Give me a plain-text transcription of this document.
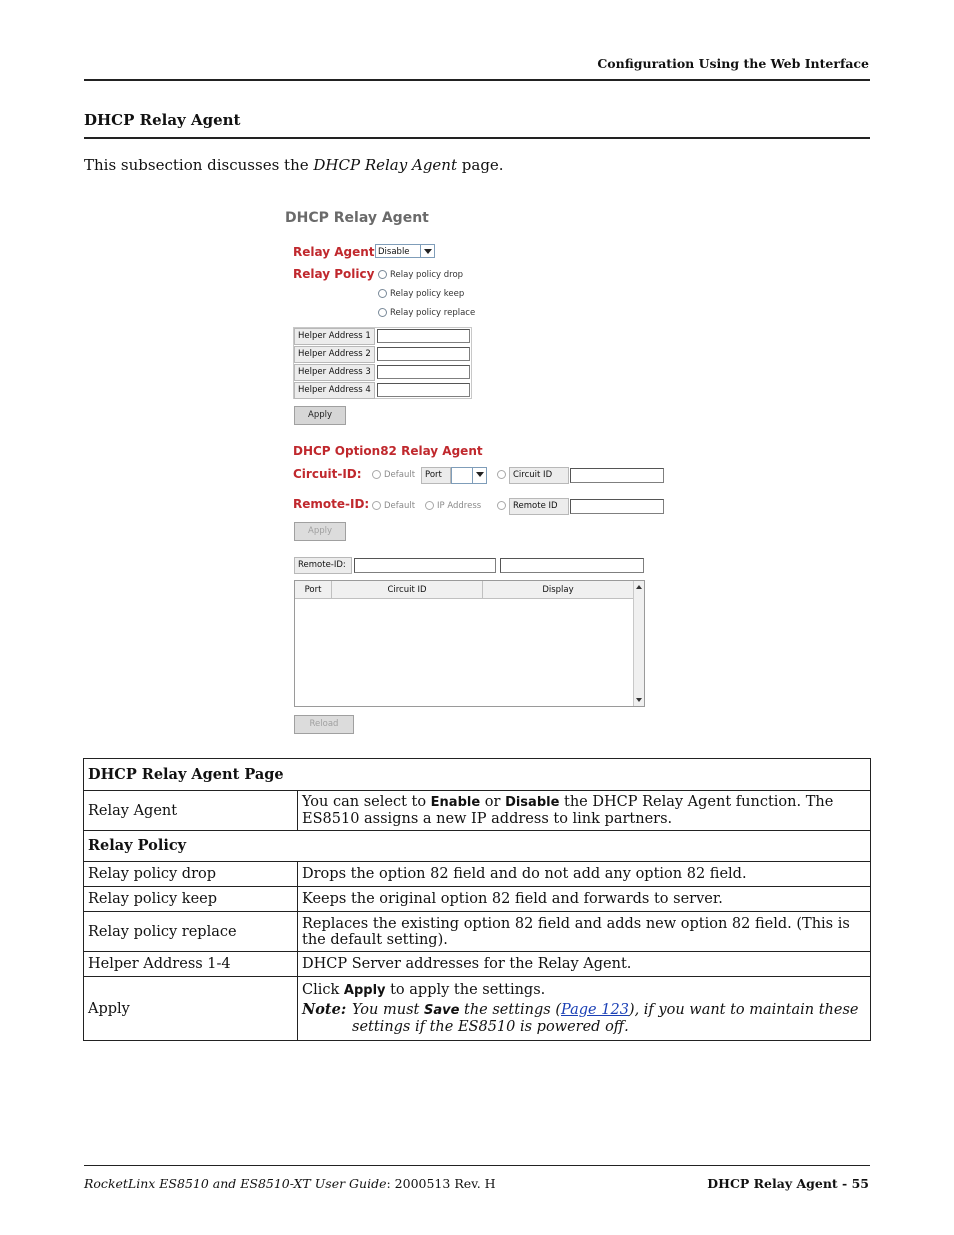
Configuration Using the Web Interface
DHCP Relay Agent
This subsection discusses the DHCP Relay Agent page.
DHCP Relay Agent
Relay Agent Disable
Relay Policy Relay policy drop
Relay policy keep
Relay policy replace
Helper Address 1
Helper Address 2
Helper Address 3
Helper Address 4
Apply
DHCP Option82 Relay Agent
Circuit-ID:	Default	Port	Circuit ID
Remote-ID: Default	IP Address	Remote ID
Apply
Remote-ID:
Port	Circuit ID	Display
Reload
DHCP Relay Agent Page	
Relay Agent	You can select to Enable or Disable the DHCP Relay Agent function. The ES8510 assigns a new IP address to link partners.
Relay Policy	
Relay policy drop	Drops the option 82 field and do not add any option 82 field.
Relay policy keep	Keeps the original option 82 field and forwards to server.
Relay policy replace	Replaces the existing option 82 field and adds new option 82 field. (This is the default setting).
Helper Address 1-4	DHCP Server addresses for the Relay Agent.
Apply	Click Apply to apply the settings.
Note: You must Save the settings (Page 123), if you want to maintain these settings if the ES8510 is powered off.
RocketLinx ES8510 and ES8510-XT User Guide: 2000513 Rev. H	DHCP Relay Agent - 55
